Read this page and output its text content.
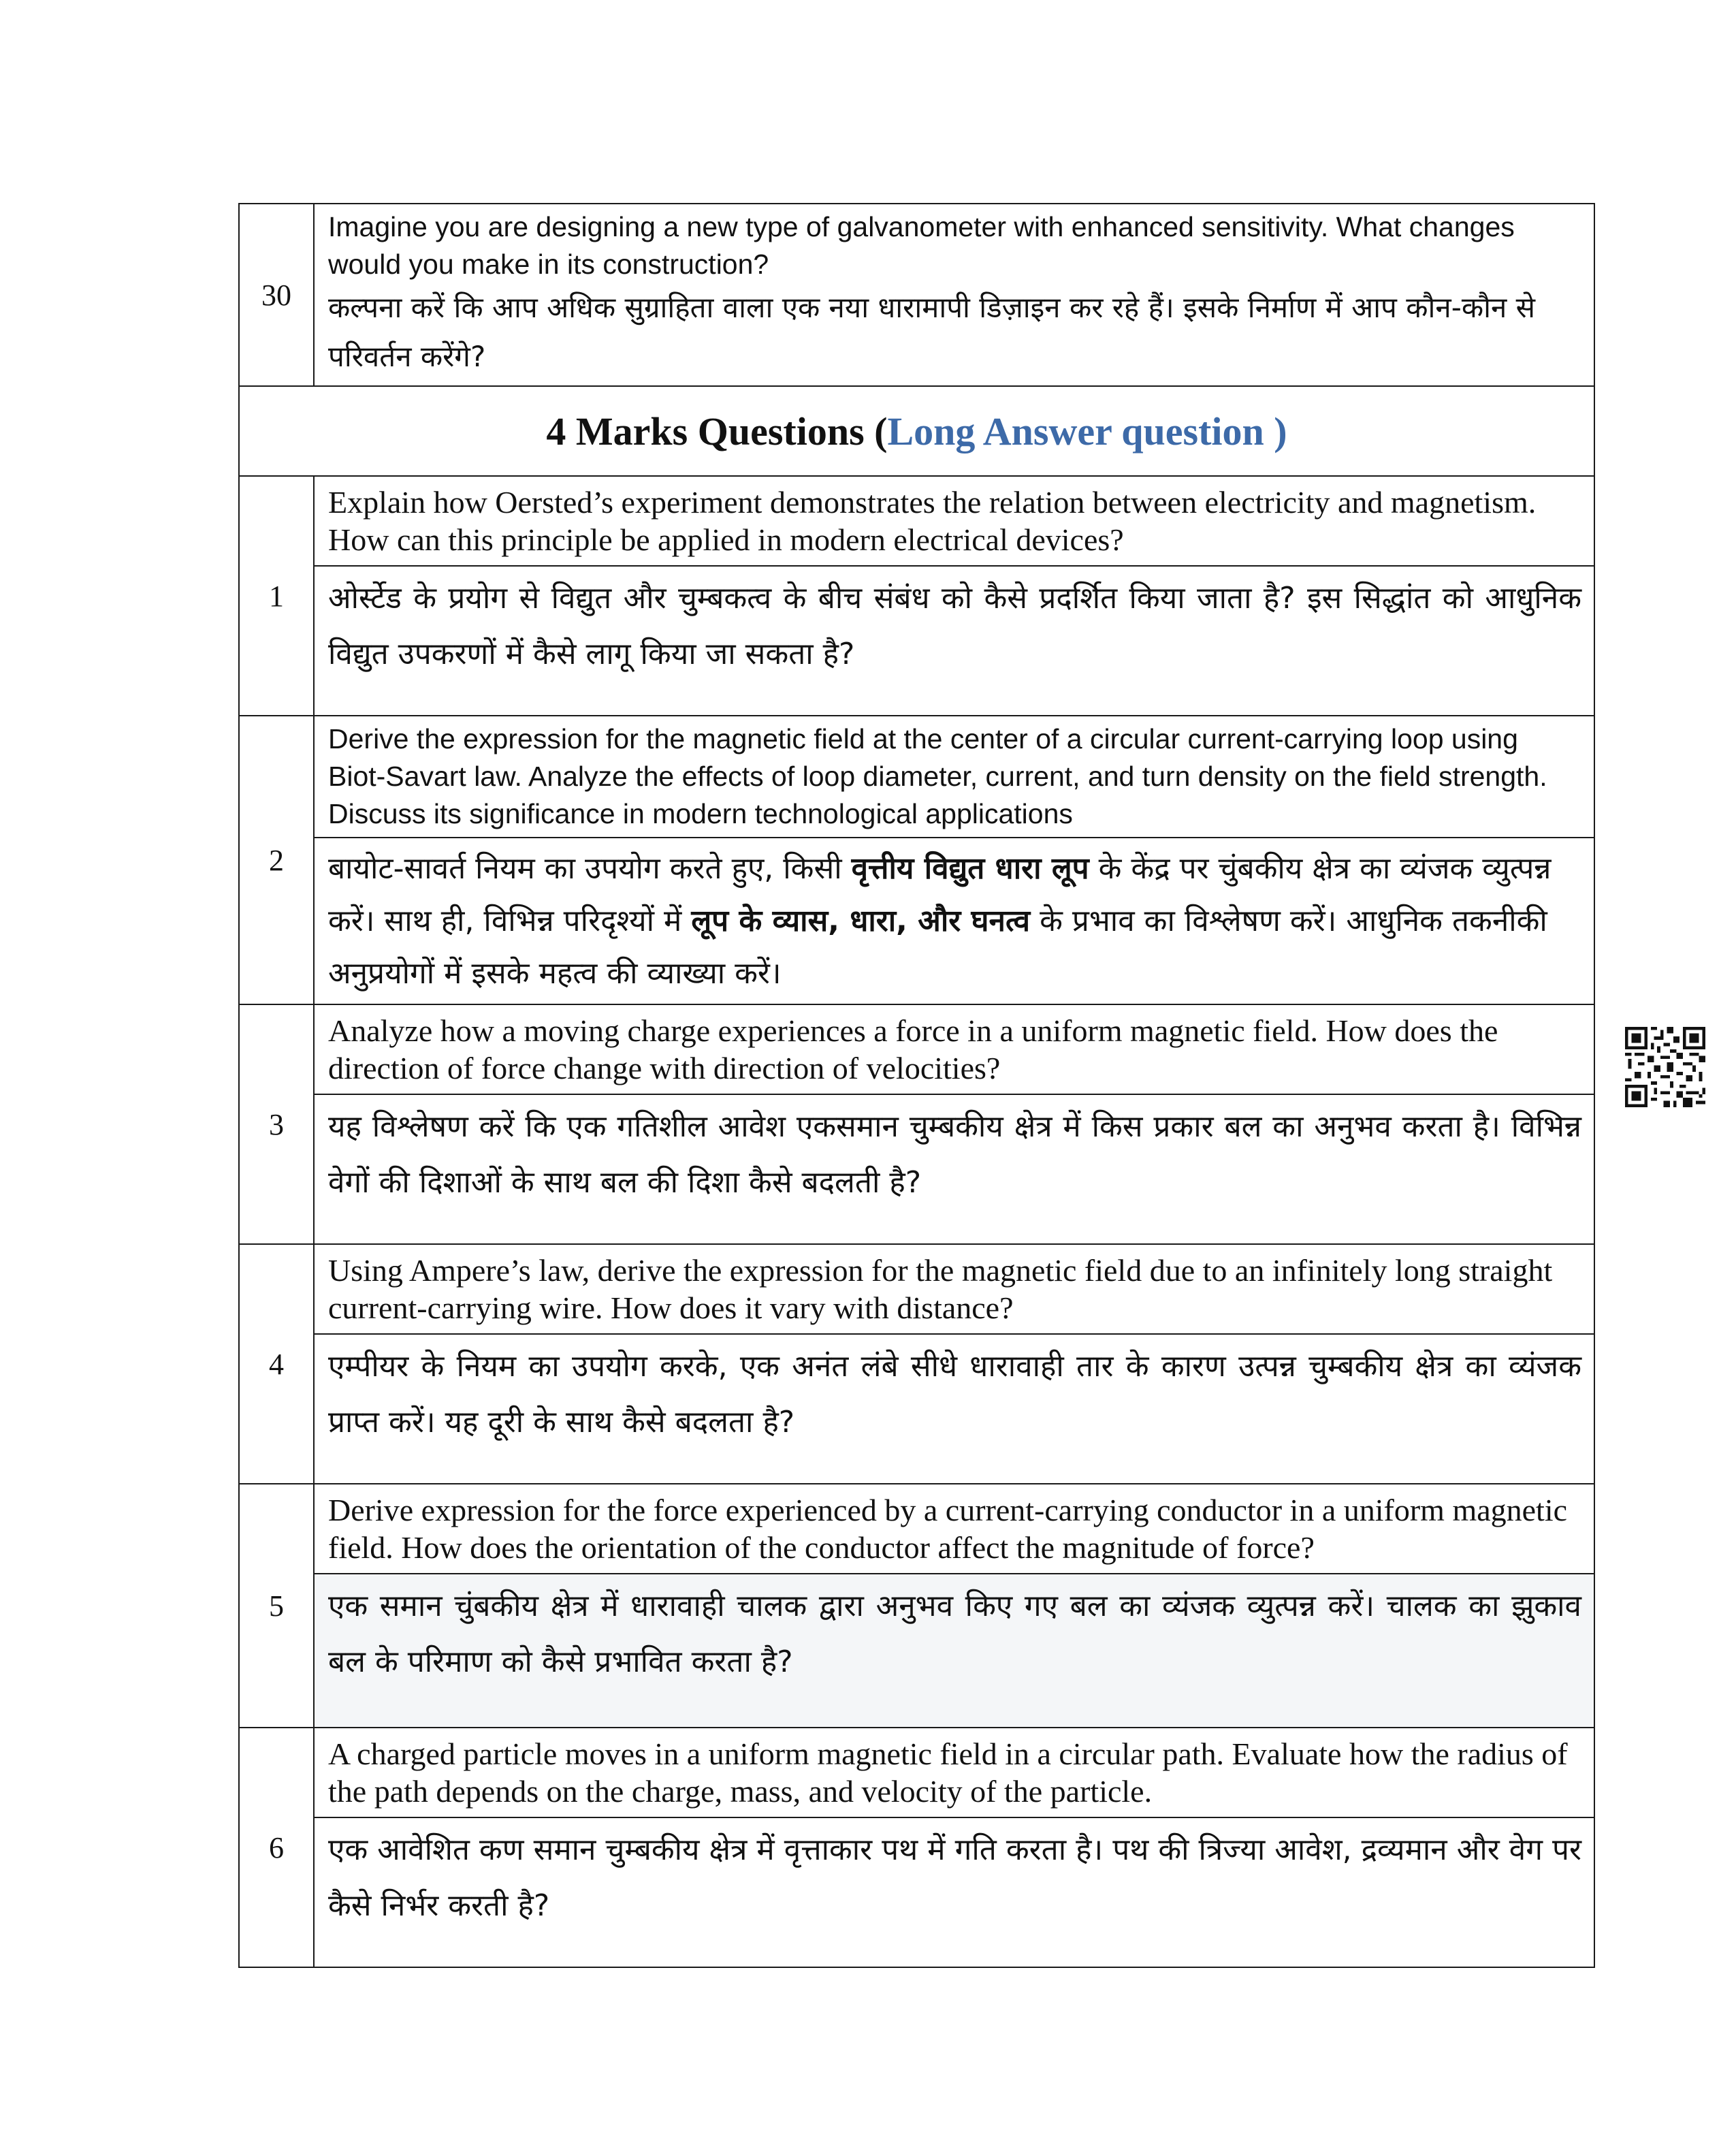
30	Imagine you are designing a new type of galvanometer with enhanced sensitivity. What changes would you make in its construction?
कल्पना करें कि आप अधिक सुग्राहिता वाला एक नया धारामापी डिज़ाइन कर रहे हैं। इसके निर्माण में आप कौन-कौन से परिवर्तन करेंगे?

4 Marks Questions (Long Answer question )	
1	Explain how Oersted’s experiment demonstrates the relation between electricity and magnetism. How can this principle be applied in modern electrical devices?
	ओर्स्टेड के प्रयोग से विद्युत और चुम्बकत्व के बीच संबंध को कैसे प्रदर्शित किया जाता है? इस सिद्धांत को आधुनिक विद्युत उपकरणों में कैसे लागू किया जा सकता है?
2	Derive the expression for the magnetic field at the center of a circular current-carrying loop using Biot-Savart law. Analyze the effects of loop diameter, current, and turn density on the field strength. Discuss its significance in modern technological applications
	बायोट-सावर्त नियम का उपयोग करते हुए, किसी वृत्तीय विद्युत धारा लूप के केंद्र पर चुंबकीय क्षेत्र का व्यंजक व्युत्पन्न करें। साथ ही, विभिन्न परिदृश्यों में लूप के व्यास, धारा, और घनत्व के प्रभाव का विश्लेषण करें। आधुनिक तकनीकी अनुप्रयोगों में इसके महत्व की व्याख्या करें।
3	Analyze how a moving charge experiences a force in a uniform magnetic field. How does the direction of force change with direction of velocities?
	यह विश्लेषण करें कि एक गतिशील आवेश एकसमान चुम्बकीय क्षेत्र में किस प्रकार बल का अनुभव करता है। विभिन्न वेगों की दिशाओं के साथ बल की दिशा कैसे बदलती है?
4	Using Ampere’s law, derive the expression for the magnetic field due to an infinitely long straight current-carrying wire. How does it vary with distance?
	एम्पीयर के नियम का उपयोग करके, एक अनंत लंबे सीधे धारावाही तार के कारण उत्पन्न चुम्बकीय क्षेत्र का व्यंजक प्राप्त करें। यह दूरी के साथ कैसे बदलता है?
5	Derive expression for the force experienced by a current-carrying conductor in a uniform magnetic field. How does the orientation of the conductor affect the magnitude of force?
	एक समान चुंबकीय क्षेत्र में धारावाही चालक द्वारा अनुभव किए गए बल का व्यंजक व्युत्पन्न करें। चालक का झुकाव बल के परिमाण को कैसे प्रभावित करता है?
6	A charged particle moves in a uniform magnetic field in a circular path. Evaluate how the radius of the path depends on the charge, mass, and velocity of the particle.
	एक आवेशित कण समान चुम्बकीय क्षेत्र में वृत्ताकार पथ में गति करता है। पथ की त्रिज्या आवेश, द्रव्यमान और वेग पर कैसे निर्भर करती है?
